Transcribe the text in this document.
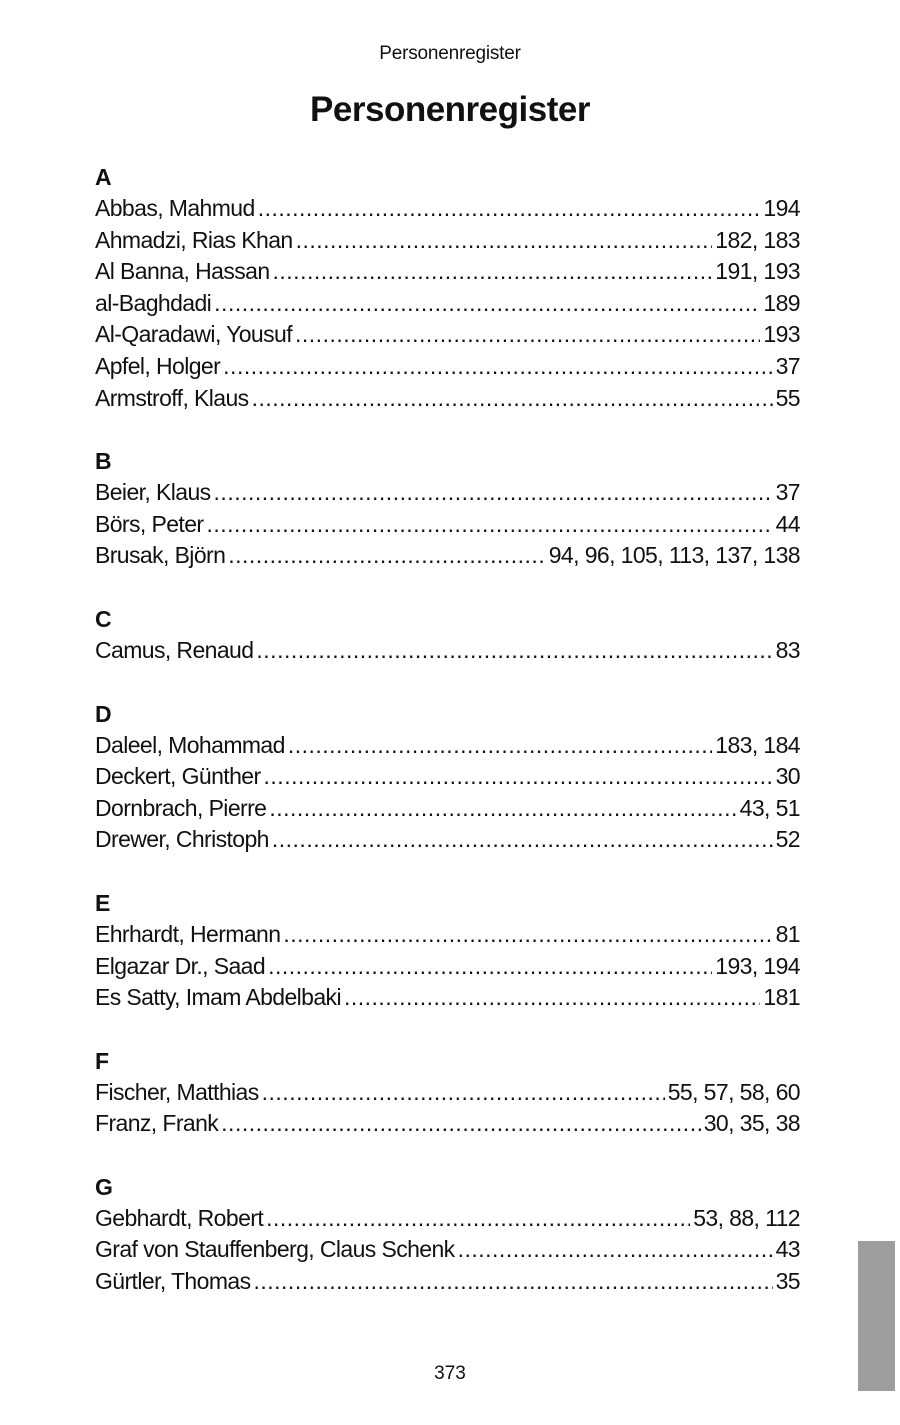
Personenregister
Personenregister
A
Abbas, Mahmud .....	194
Ahmadzi, Rias Khan .....	182, 183
Al Banna, Hassan .....	191, 193
al-Baghdadi .....	189
Al-Qaradawi, Yousuf .....	193
Apfel, Holger .....	37
Armstroff, Klaus .....	55
B
Beier, Klaus .....	37
Börs, Peter .....	44
Brusak, Björn .....	94, 96, 105, 113, 137, 138
C
Camus, Renaud .....	83
D
Daleel, Mohammad .....	183, 184
Deckert, Günther .....	30
Dornbrach, Pierre .....	43, 51
Drewer, Christoph .....	52
E
Ehrhardt, Hermann .....	81
Elgazar Dr., Saad .....	193, 194
Es Satty, Imam Abdelbaki .....	181
F
Fischer, Matthias .....	55, 57, 58, 60
Franz, Frank .....	30, 35, 38
G
Gebhardt, Robert .....	53, 88, 112
Graf von Stauffenberg, Claus Schenk .....	43
Gürtler, Thomas .....	35
373
